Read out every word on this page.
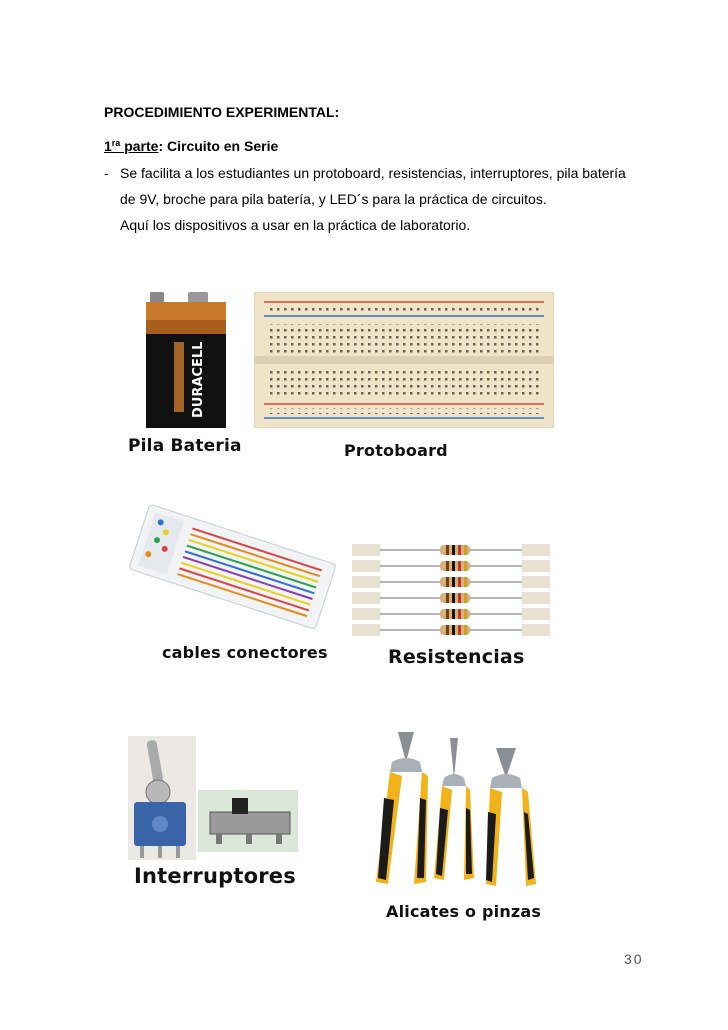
PROCEDIMIENTO EXPERIMENTAL:
$1^{ra}$ parte: Circuito en Serie
- Se facilita a los estudiantes un protoboard, resistencias, interruptores, pila batería
de 9V, broche para pila batería, y LED´s para la práctica de circuitos.
Aquí los dispositivos a usar en la práctica de laboratorio.
DURACELL
Pila Bateria	Protoboard
cables conectores	Resistencias
Interruptores
Alicates o pinzas
30
